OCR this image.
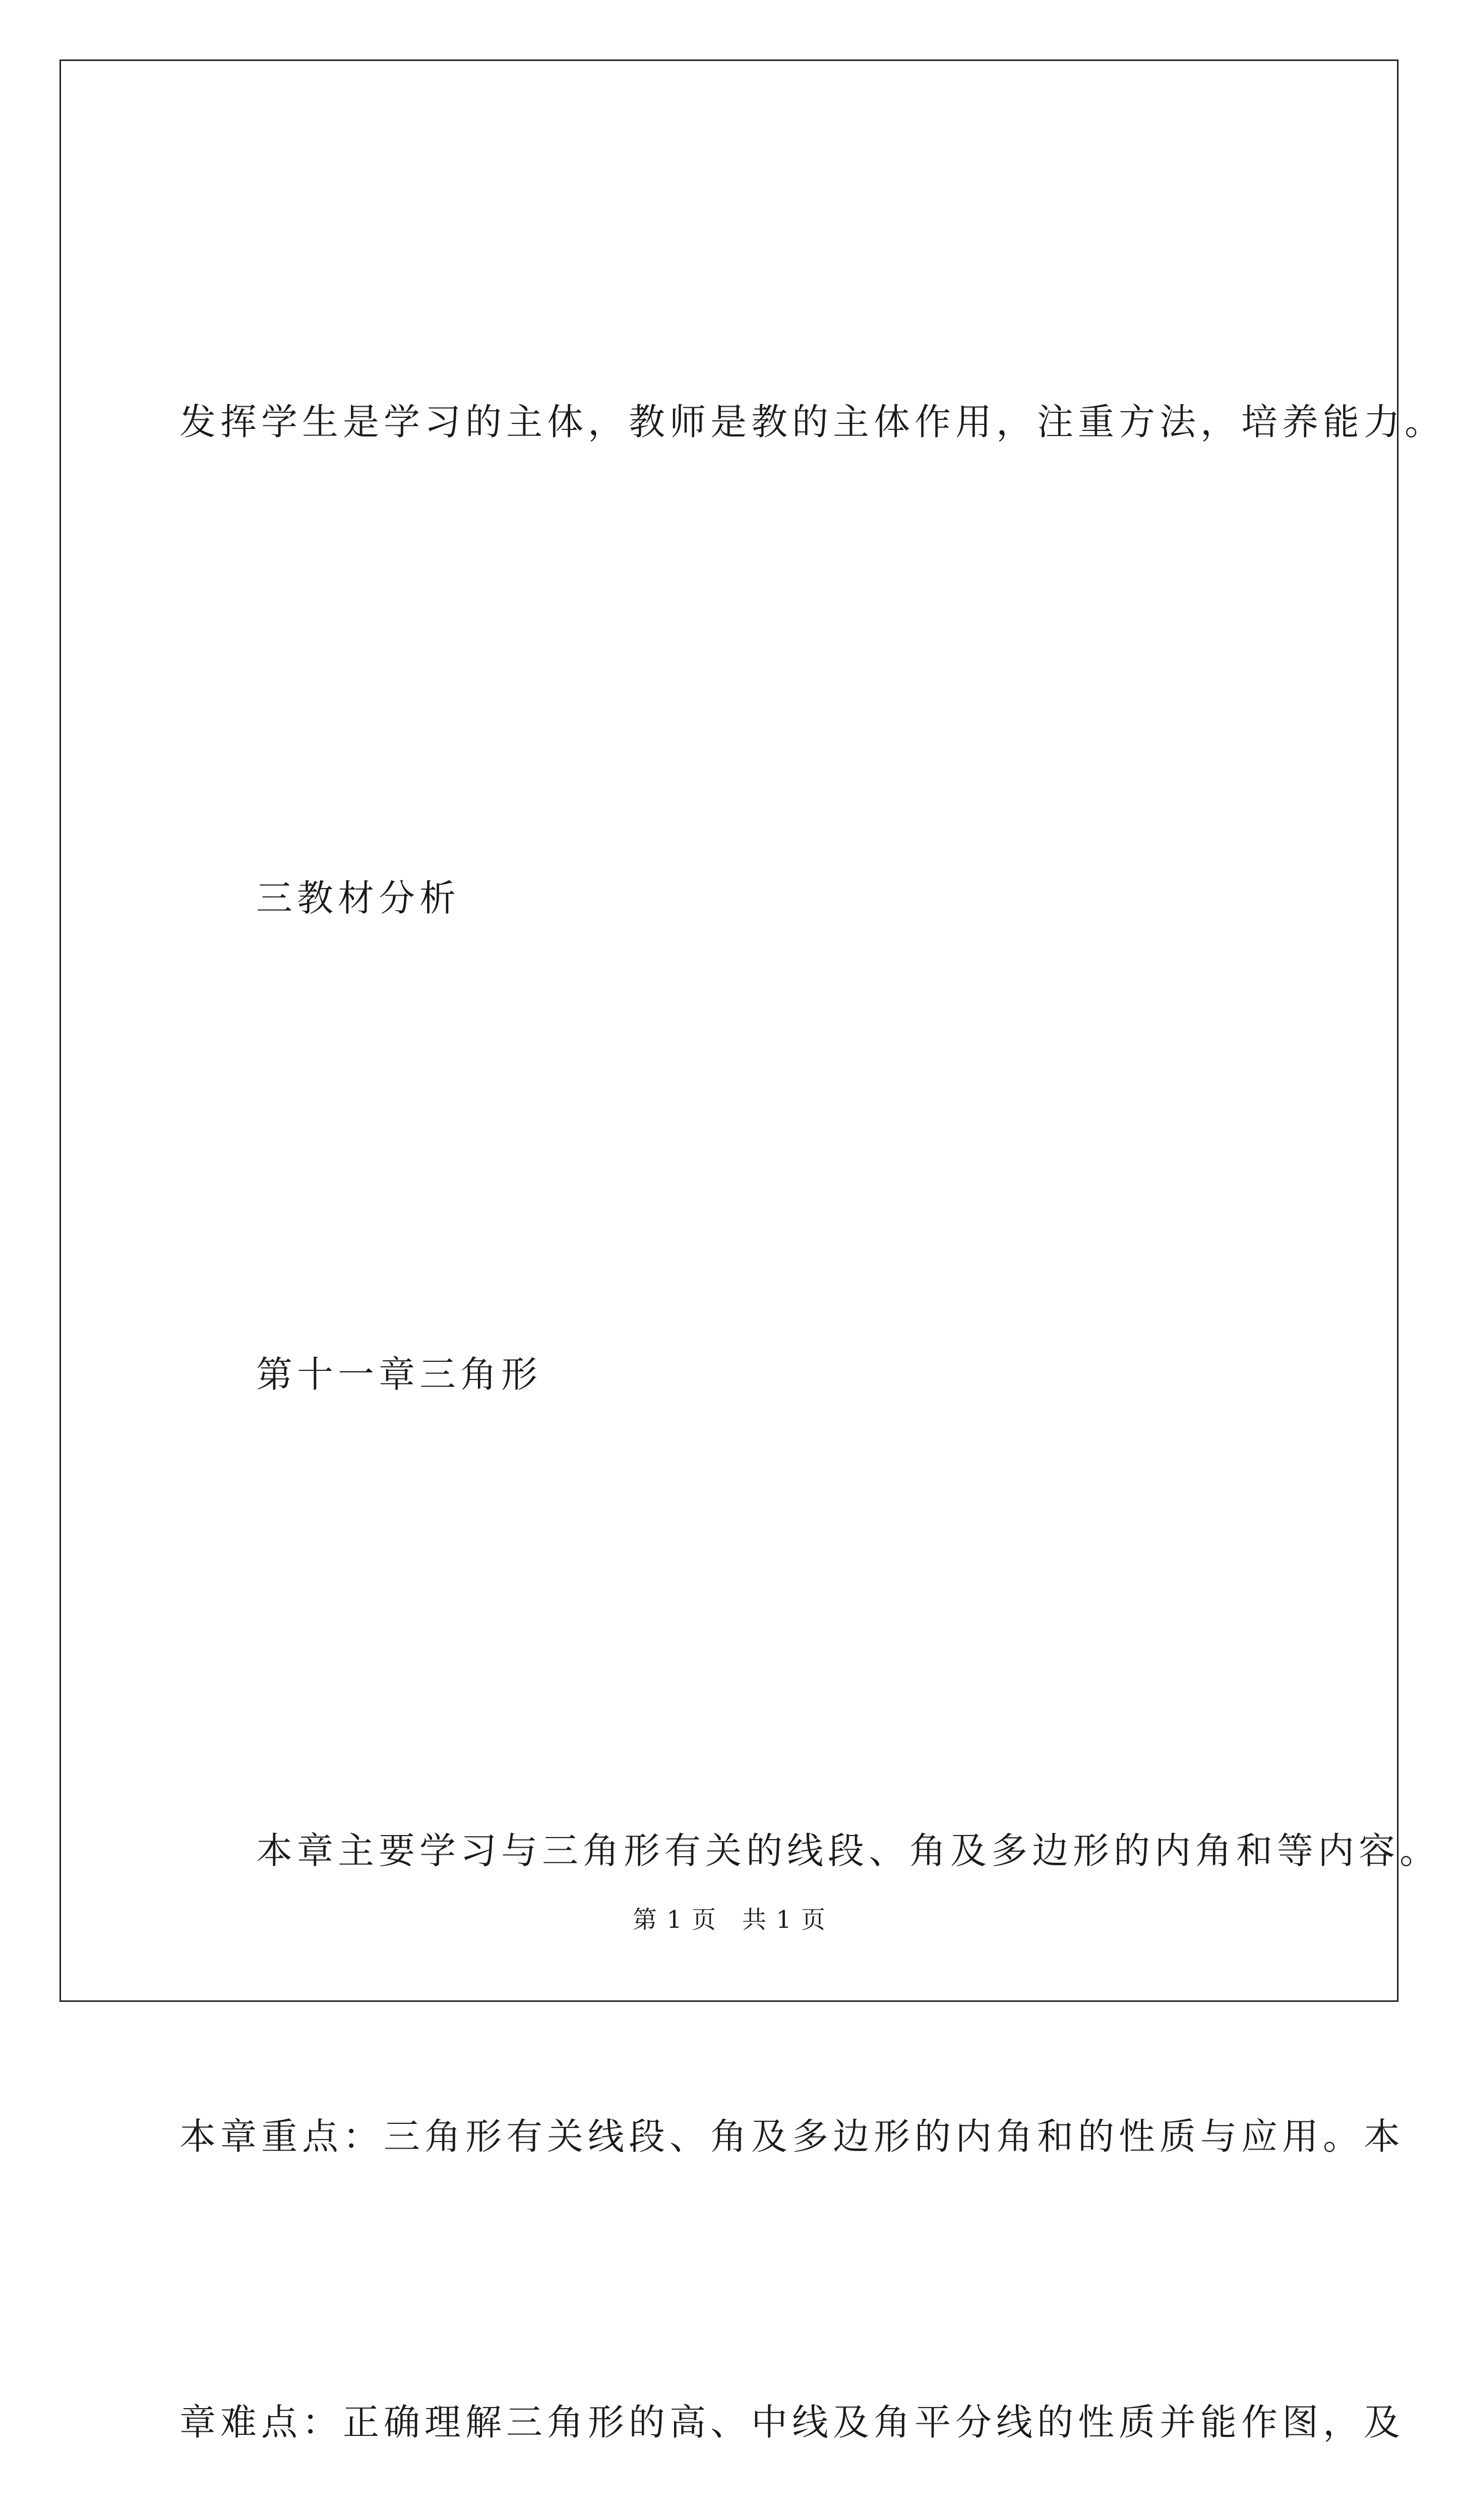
发挥学生是学习的主体，教师是教的主体作用，注重方法，培养能力。

三教材分析

第十一章三角形

本章主要学习与三角形有关的线段、角及多边形的内角和等内容。

本章重点：三角形有关线段、角及多边形的内角和的性质与应用。本

章难点：正确理解三角形的高、中线及角平分线的性质并能作图，及

第 1 页　共 1 页
